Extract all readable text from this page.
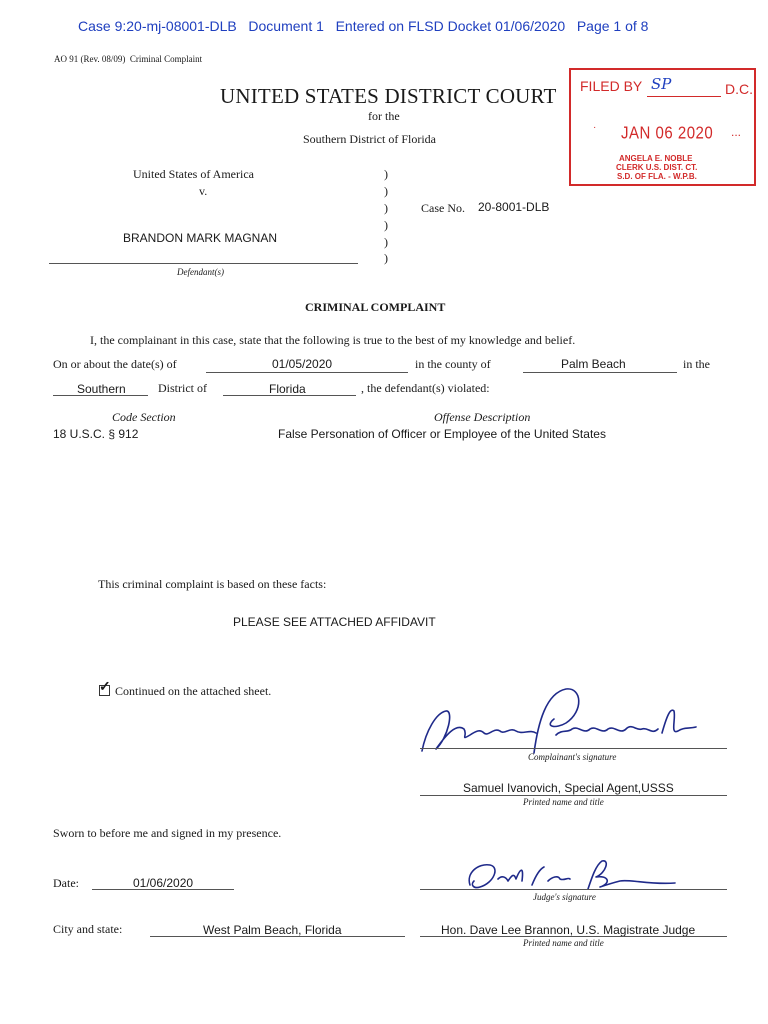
Case 9:20-mj-08001-DLB   Document 1   Entered on FLSD Docket 01/06/2020   Page 1 of 8
AO 91 (Rev. 08/09)  Criminal Complaint
UNITED STATES DISTRICT COURT
for the
Southern District of Florida
FILED BY SP	D.C.
· JAN 06 2020 ...
ANGELA E. NOBLE
CLERK U.S. DIST. CT.
S.D. OF FLA. - W.P.B.
United States of America
v.
BRANDON MARK MAGNAN
Defendant(s)
)
)
)
)
)
)
Case No. 20-8001-DLB
CRIMINAL COMPLAINT
I, the complainant in this case, state that the following is true to the best of my knowledge and belief.
On or about the date(s) of	01/05/2020	in the county of	Palm Beach	in the
Southern	District of	Florida	, the defendant(s) violated:
Code Section	Offense Description
18 U.S.C. § 912	False Personation of Officer or Employee of the United States
This criminal complaint is based on these facts:
PLEASE SEE ATTACHED AFFIDAVIT
✓ Continued on the attached sheet.
Complainant's signature
Samuel Ivanovich, Special Agent,USSS
Printed name and title
Sworn to before me and signed in my presence.
Date:	01/06/2020
Judge's signature
City and state:	West Palm Beach, Florida	Hon. Dave Lee Brannon, U.S. Magistrate Judge
Printed name and title
